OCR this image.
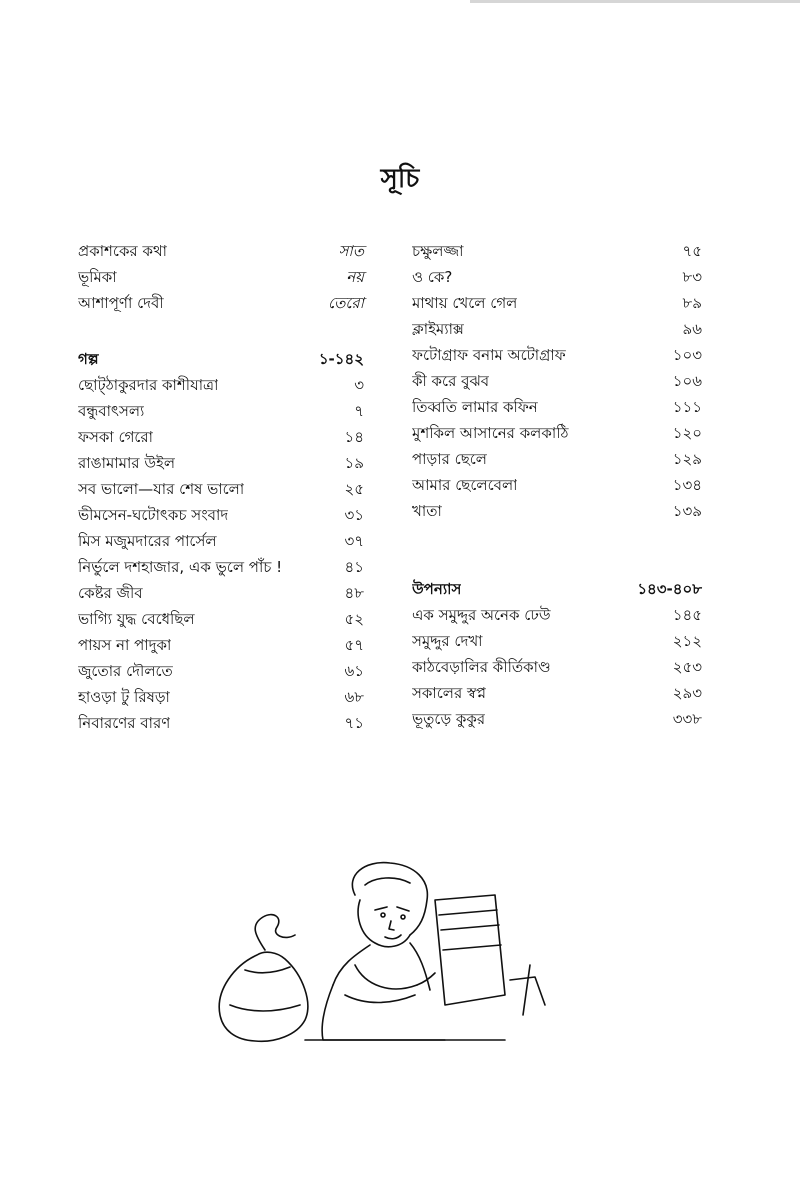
সূচি
প্রকাশকের কথা	সাত
ভূমিকা	নয়
আশাপূর্ণা দেবী	তেরো
গল্প	১-১৪২
ছোট্‌ঠাকুরদার কাশীযাত্রা	৩
বন্ধুবাৎসল্য	৭
ফসকা গেরো	১৪
রাঙামামার উইল	১৯
সব ভালো—যার শেষ ভালো	২৫
ভীমসেন-ঘটোৎকচ সংবাদ	৩১
মিস মজুমদারের পার্সেল	৩৭
নির্ভুলে দশহাজার, এক ভুলে পাঁচ !	৪১
কেষ্টর জীব	৪৮
ভাগ্যি যুদ্ধ বেধেছিল	৫২
পায়স না পাদুকা	৫৭
জুতোর দৌলতে	৬১
হাওড়া টু রিষড়া	৬৮
নিবারণের বারণ	৭১
চক্ষুলজ্জা	৭৫
ও কে?	৮৩
মাথায় খেলে গেল	৮৯
ক্লাইম্যাক্স	৯৬
ফটোগ্রাফ বনাম অটোগ্রাফ	১০৩
কী করে বুঝব	১০৬
তিব্বতি লামার কফিন	১১১
মুশকিল আসানের কলকাঠি	১২০
পাড়ার ছেলে	১২৯
আমার ছেলেবেলা	১৩৪
খাতা	১৩৯
উপন্যাস	১৪৩-৪০৮
এক সমুদ্দুর অনেক ঢেউ	১৪৫
সমুদ্দুর দেখা	২১২
কাঠবেড়ালির কীর্তিকাণ্ড	২৫৩
সকালের স্বপ্ন	২৯৩
ভূতুড়ে কুকুর	৩৩৮
